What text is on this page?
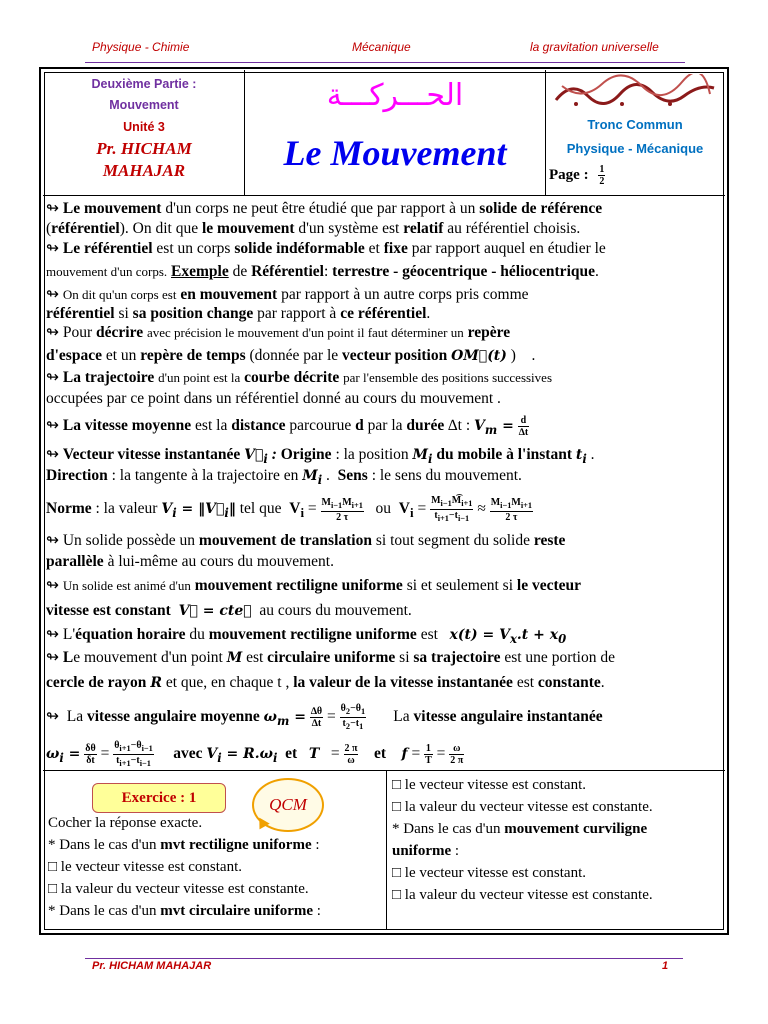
Physique - Chimie	Mécanique	la gravitation universelle
Deuxième Partie :
Mouvement
Unité 3
Pr. HICHAM
MAHAJAR
الحـــركـــة
Le Mouvement
Tronc Commun
Physique - Mécanique
Page : $\frac{1}{2}$
↬ Le mouvement d'un corps ne peut être étudié que par rapport à un solide de référence
(référentiel). On dit que le mouvement d'un système est relatif au référentiel choisis.
↬ Le référentiel est un corps solide indéformable et fixe par rapport auquel en étudier le
mouvement d'un corps. Exemple de Référentiel: terrestre - géocentrique - héliocentrique.
↬ On dit qu'un corps est en mouvement par rapport à un autre corps pris comme
référentiel si sa position change par rapport à ce référentiel.
↬ Pour décrire avec précision le mouvement d'un point il faut déterminer un repère
d'espace et un repère de temps (donnée par le vecteur position OM⃗(t) )    .
↬ La trajectoire d'un point est la courbe décrite par l'ensemble des positions successives
occupées par ce point dans un référentiel donné au cours du mouvement .
↬ La vitesse moyenne est la distance parcourue d par la durée ∆t : $V_m = \frac{d}{\Delta t}$
↬ Vecteur vitesse instantanée $V⃗_i$ : Origine : la position $M_i$ du mobile à l'instant $t_i$ .
Direction : la tangente à la trajectoire en $M_i$ .  Sens : le sens du mouvement.
Norme : la valeur $V_i$ = $‖V⃗_i‖$ tel que  $V_i = \frac{M_{i-1}M_{i+1}}{2 \tau}$ ou  $V_i = \frac{M_{i-1}M͡_{i+1}}{t_{i+1}-t_{i-1}} \approx \frac{M_{i-1}M_{i+1}}{2 \tau}$
↬ Un solide possède un mouvement de translation si tout segment du solide reste
parallèle à lui-même au cours du mouvement.
↬ Un solide est animé d'un mouvement rectiligne uniforme si et seulement si le vecteur
vitesse est constant V⃗ = cte⃗  au cours du mouvement.
↬ L'équation horaire du mouvement rectiligne uniforme est   $x(t) = V_x.t + x_0$
↬ Le mouvement d'un point M est circulaire uniforme si sa trajectoire est une portion de
cercle de rayon R et que, en chaque t , la valeur de la vitesse instantanée est constante.
↬  La vitesse angulaire moyenne $\omega_m = \frac{\Delta\theta}{\Delta t} = \frac{\theta_2-\theta_1}{t_2-t_1}$ La vitesse angulaire instantanée
$\omega_i = \frac{\delta\theta}{\delta t} = \frac{\theta_{i+1}-\theta_{i-1}}{t_{i+1}-t_{i-1}}$ avec $V_i = R.\omega_i$ et $T = \frac{2 \pi}{\omega}$ et $f = \frac{1}{T} = \frac{\omega}{2 \pi}$
Exercice : 1	QCM
Cocher la réponse exacte.
* Dans le cas d'un mvt rectiligne uniforme :
□ le vecteur vitesse est constant.
□ la valeur du vecteur vitesse est constante.
* Dans le cas d'un mvt circulaire uniforme :
□ le vecteur vitesse est constant.
□ la valeur du vecteur vitesse est constante.
* Dans le cas d'un mouvement curviligne
uniforme :
□ le vecteur vitesse est constant.
□ la valeur du vecteur vitesse est constante.
Pr. HICHAM MAHAJAR	1
